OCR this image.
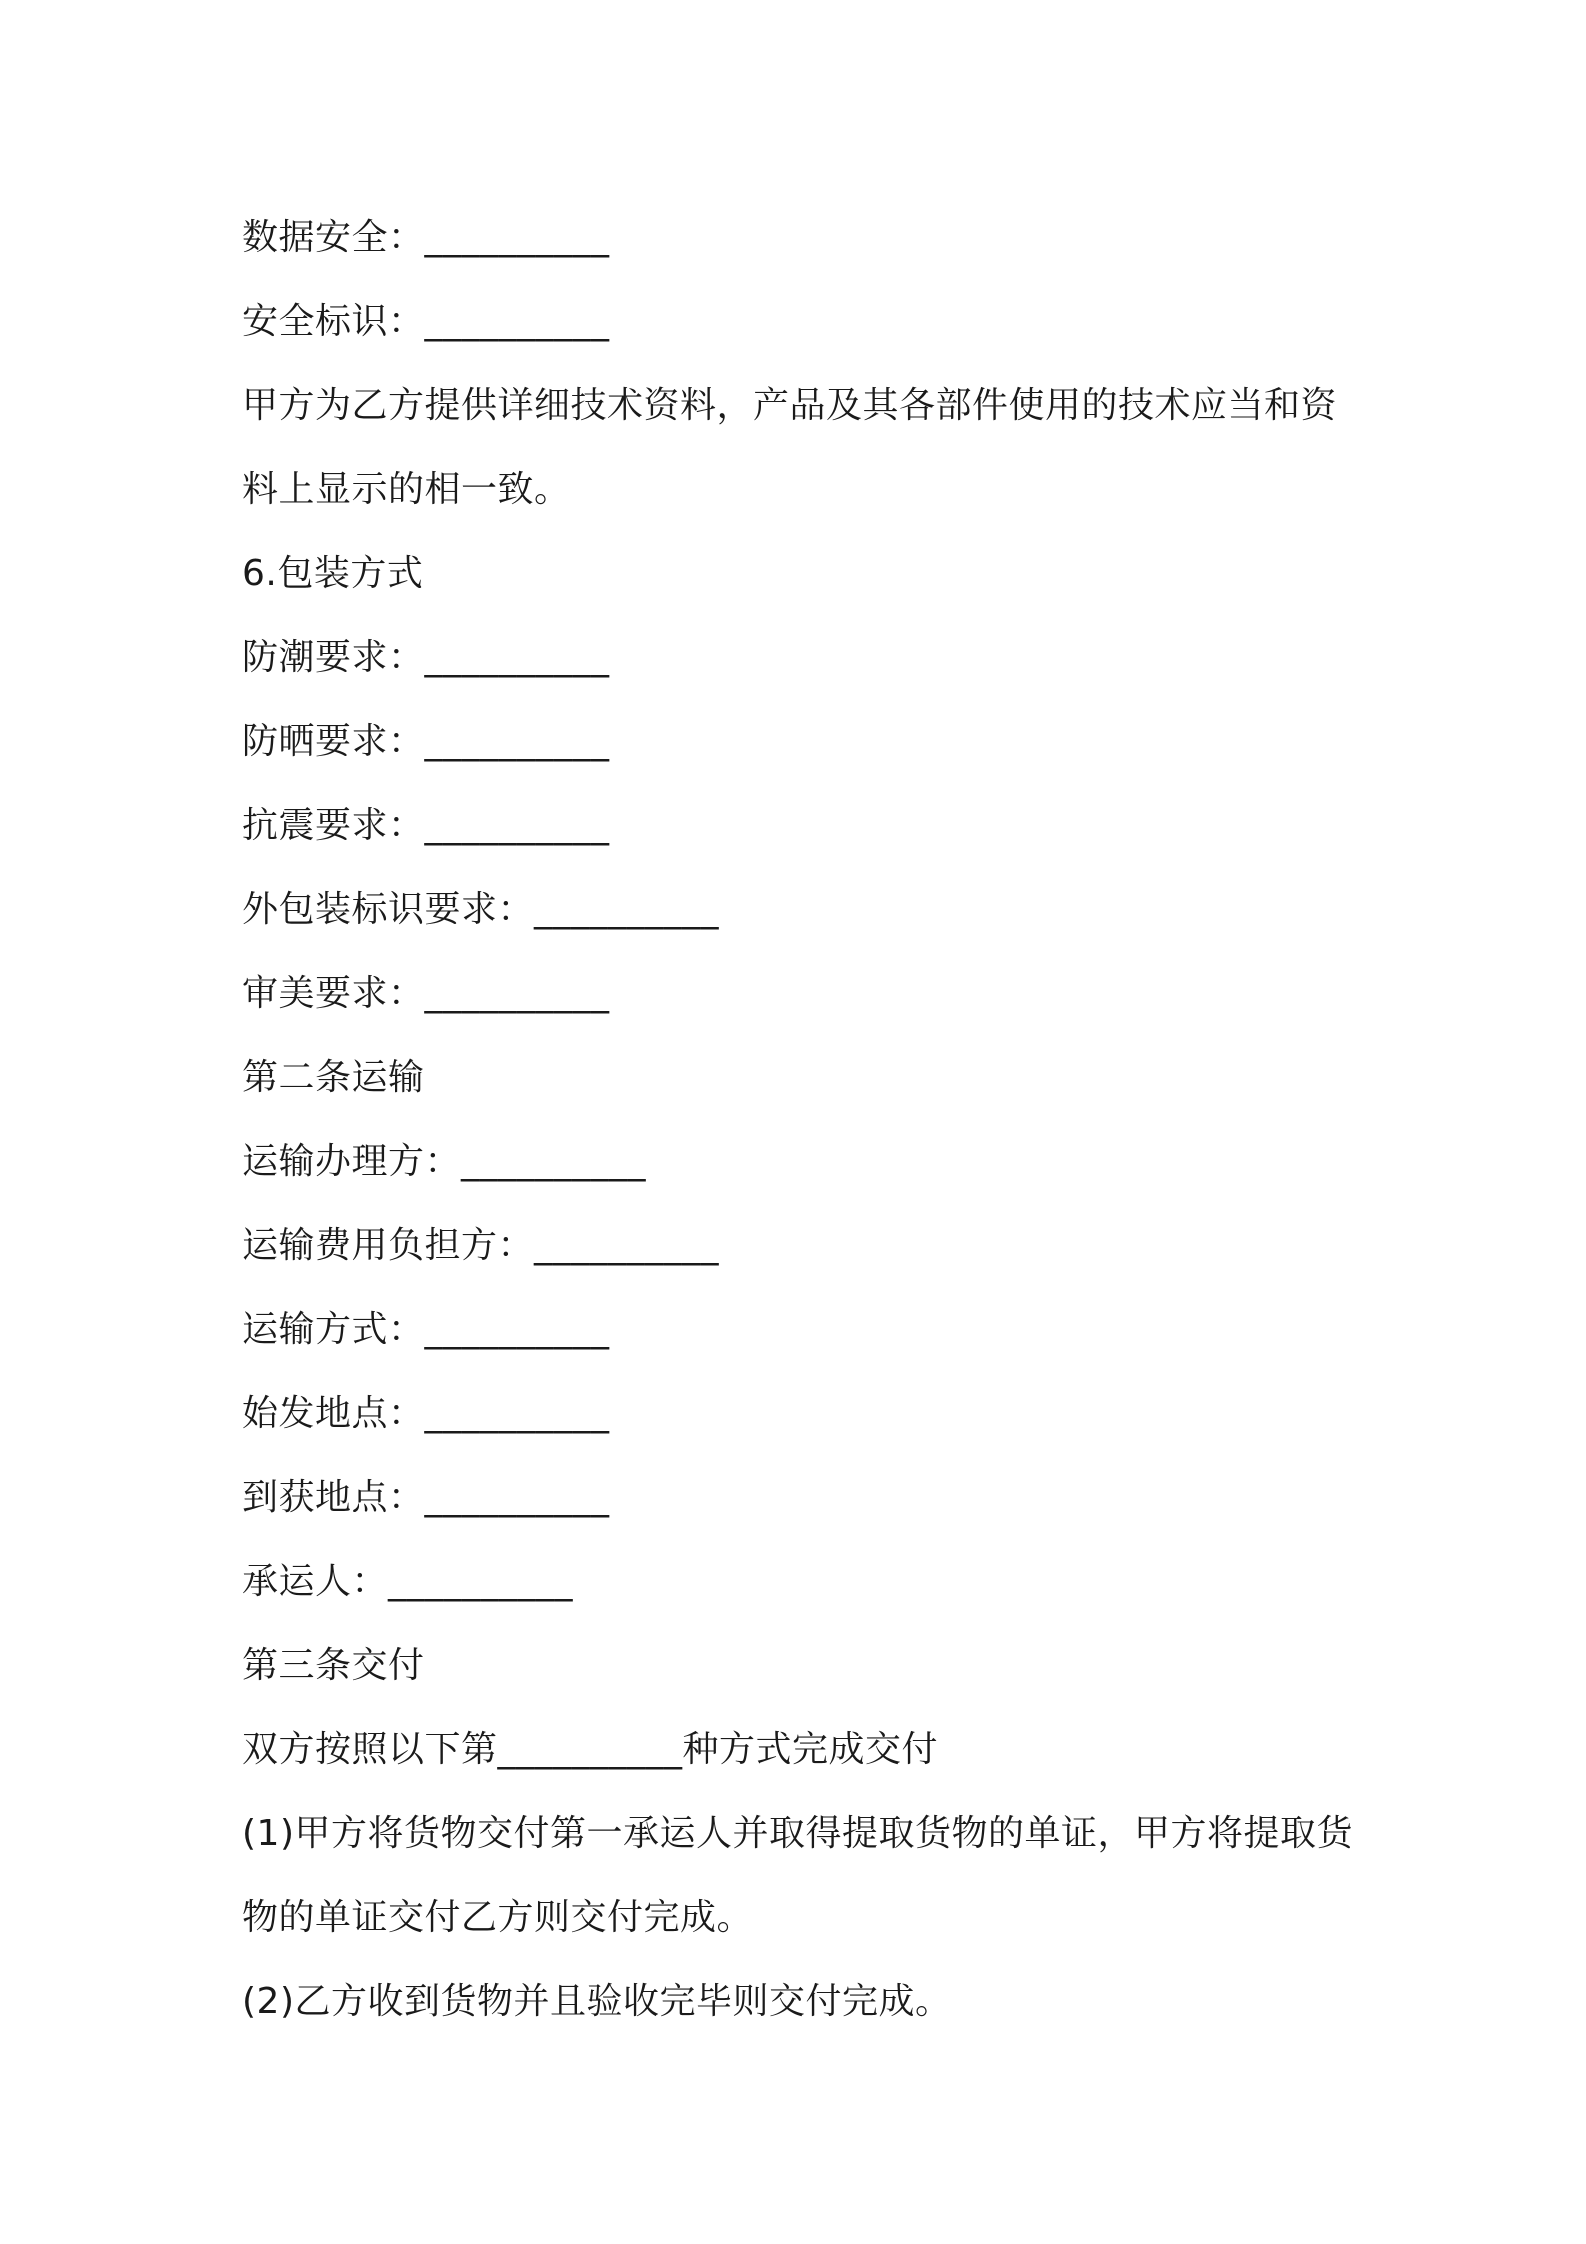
数据安全：__________
安全标识：__________
甲方为乙方提供详细技术资料，产品及其各部件使用的技术应当和资料上显示的相一致。
6.包装方式
防潮要求：__________
防晒要求：__________
抗震要求：__________
外包装标识要求：__________
审美要求：__________
第二条运输
运输办理方：__________
运输费用负担方：__________
运输方式：__________
始发地点：__________
到获地点：__________
承运人：__________
第三条交付
双方按照以下第__________种方式完成交付
(1)甲方将货物交付第一承运人并取得提取货物的单证，甲方将提取货物的单证交付乙方则交付完成。
(2)乙方收到货物并且验收完毕则交付完成。
